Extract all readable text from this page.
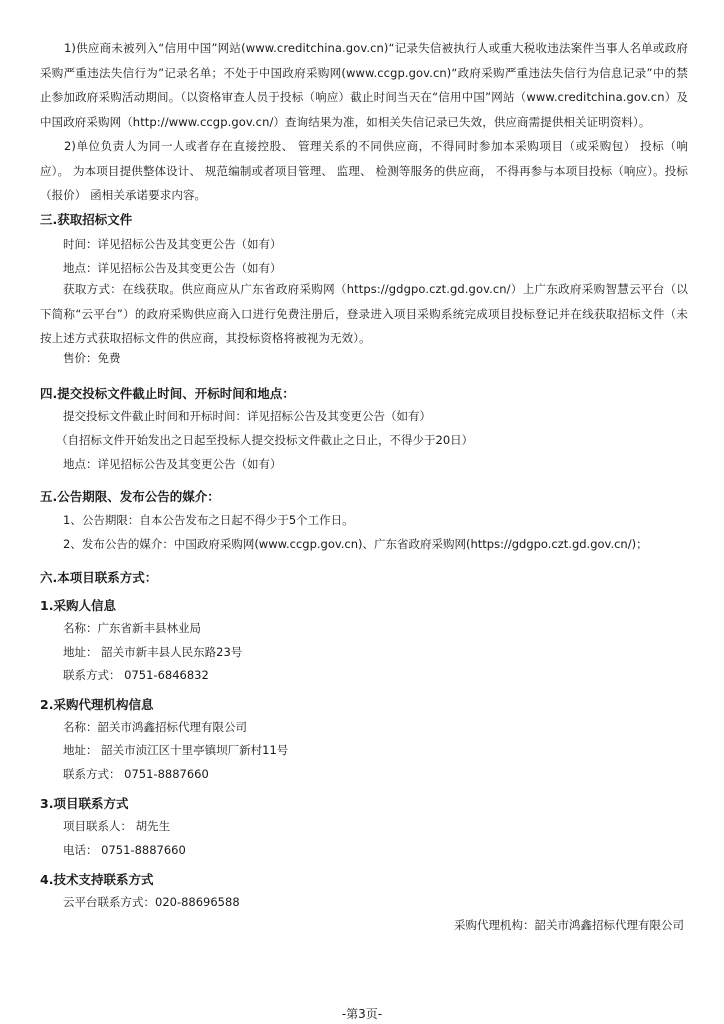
1)供应商未被列入“信用中国”网站(www.creditchina.gov.cn)“记录失信被执行人或重大税收违法案件当事人名单或政府采购严重违法失信行为”记录名单；不处于中国政府采购网(www.ccgp.gov.cn)“政府采购严重违法失信行为信息记录”中的禁止参加政府采购活动期间。（以资格审查人员于投标（响应）截止时间当天在“信用中国”网站（www.creditchina.gov.cn）及中国政府采购网（http://www.ccgp.gov.cn/）查询结果为准，如相关失信记录已失效，供应商需提供相关证明资料）。

2)单位负责人为同一人或者存在直接控股、 管理关系的不同供应商，不得同时参加本采购项目（或采购包） 投标（响应）。 为本项目提供整体设计、 规范编制或者项目管理、 监理、 检测等服务的供应商， 不得再参与本项目投标（响应）。投标（报价） 函相关承诺要求内容。

三.获取招标文件
时间：详见招标公告及其变更公告（如有）
地点：详见招标公告及其变更公告（如有）

获取方式：在线获取。供应商应从广东省政府采购网（https://gdgpo.czt.gd.gov.cn/）上广东政府采购智慧云平台（以下简称“云平台”）的政府采购供应商入口进行免费注册后，登录进入项目采购系统完成项目投标登记并在线获取招标文件（未按上述方式获取招标文件的供应商，其投标资格将被视为无效）。

售价：免费
四.提交投标文件截止时间、开标时间和地点：
提交投标文件截止时间和开标时间：详见招标公告及其变更公告（如有）
（自招标文件开始发出之日起至投标人提交投标文件截止之日止，不得少于20日）
地点：详见招标公告及其变更公告（如有）
五.公告期限、发布公告的媒介：
1、公告期限：自本公告发布之日起不得少于5个工作日。
2、发布公告的媒介：中国政府采购网(www.ccgp.gov.cn)、广东省政府采购网(https://gdgpo.czt.gd.gov.cn/)；
六.本项目联系方式：
1.采购人信息
名称：广东省新丰县林业局
地址： 韶关市新丰县人民东路23号
联系方式： 0751-6846832
2.采购代理机构信息
名称：韶关市鸿鑫招标代理有限公司
地址： 韶关市浈江区十里亭镇坝厂新村11号
联系方式： 0751-8887660
3.项目联系方式
项目联系人： 胡先生
电话： 0751-8887660
4.技术支持联系方式
云平台联系方式：020-88696588
采购代理机构：韶关市鸿鑫招标代理有限公司
-第3页-
